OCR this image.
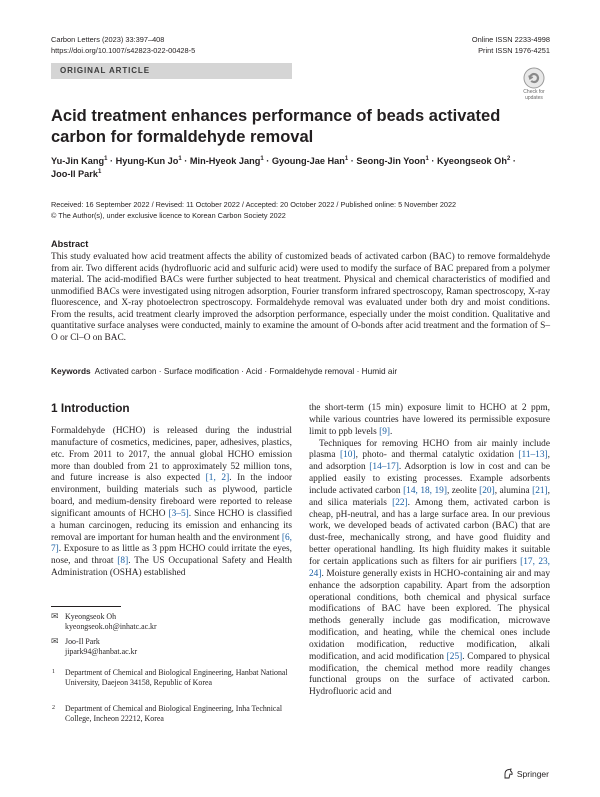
Carbon Letters (2023) 33:397–408
https://doi.org/10.1007/s42823-022-00428-5
Online ISSN 2233-4998
Print ISSN 1976-4251
ORIGINAL ARTICLE
Check for updates
Acid treatment enhances performance of beads activated carbon for formaldehyde removal
Yu-Jin Kang$^1$ · Hyung-Kun $Jo^1$ · Min-Hyeok Jang$^1$ · Gyoung-Jae Han$^1$ · Seong-Jin Yoon$^1$ · Kyeongseok $Oh^2$ ·
Joo-Il Park$^1$
Received: 16 September 2022 / Revised: 11 October 2022 / Accepted: 20 October 2022 / Published online: 5 November 2022
© The Author(s), under exclusive licence to Korean Carbon Society 2022
Abstract
This study evaluated how acid treatment affects the ability of customized beads of activated carbon (BAC) to remove formaldehyde from air. Two different acids (hydrofluoric acid and sulfuric acid) were used to modify the surface of BAC prepared from a polymer material. The acid-modified BACs were further subjected to heat treatment. Physical and chemical characteristics of modified and unmodified BACs were investigated using nitrogen adsorption, Fourier transform infrared spectroscopy, Raman spectroscopy, X-ray fluorescence, and X-ray photoelectron spectroscopy. Formaldehyde removal was evaluated under both dry and moist conditions. From the results, acid treatment clearly improved the adsorption performance, especially under the moist condition. Qualitative and quantitative surface analyses were conducted, mainly to examine the amount of O-bonds after acid treatment and the formation of S–O or Cl–O on BAC.
Keywords Activated carbon · Surface modification · Acid · Formaldehyde removal · Humid air
1 Introduction

Formaldehyde (HCHO) is released during the industrial manufacture of cosmetics, medicines, paper, adhesives, plastics, etc. From 2011 to 2017, the annual global HCHO emission more than doubled from 21 to approximately 52 million tons, and future increase is also expected [1, 2]. In the indoor environment, building materials such as plywood, particle board, and medium-density fireboard were reported to release significant amounts of HCHO [3–5]. Since HCHO is classified a human carcinogen, reducing its emission and enhancing its removal are important for human health and the environment [6, 7]. Exposure to as little as 3 ppm HCHO could irritate the eyes, nose, and throat [8]. The US Occupational Safety and Health Administration (OSHA) established

the short-term (15 min) exposure limit to HCHO at 2 ppm, while various countries have lowered its permissible exposure limit to ppb levels [9].

Techniques for removing HCHO from air mainly include plasma [10], photo- and thermal catalytic oxidation [11–13], and adsorption [14–17]. Adsorption is low in cost and can be applied easily to existing processes. Example adsorbents include activated carbon [14, 18, 19], zeolite [20], alumina [21], and silica materials [22]. Among them, activated carbon is cheap, pH-neutral, and has a large surface area. In our previous work, we developed beads of activated carbon (BAC) that are dust-free, mechanically strong, and have good fluidity and better operational handling. Its high fluidity makes it suitable for certain applications such as filters for air purifiers [17, 23, 24]. Moisture generally exists in HCHO-containing air and may enhance the adsorption capability. Apart from the adsorption operational conditions, both chemical and physical surface modifications of BAC have been explored. The physical methods generally include gas modification, microwave modification, and heating, while the chemical ones include oxidation modification, reductive modification, alkali modification, and acid modification [25]. Compared to physical modification, the chemical method more readily changes functional groups on the surface of activated carbon. Hydrofluoric acid and

✉ Kyeongseok Oh
kyeongseok.oh@inhatc.ac.kr
✉ Joo-Il Park
jipark94@hanbat.ac.kr
1 Department of Chemical and Biological Engineering, Hanbat National University, Daejeon 34158, Republic of Korea
2 Department of Chemical and Biological Engineering, Inha Technical College, Incheon 22212, Korea
Springer
